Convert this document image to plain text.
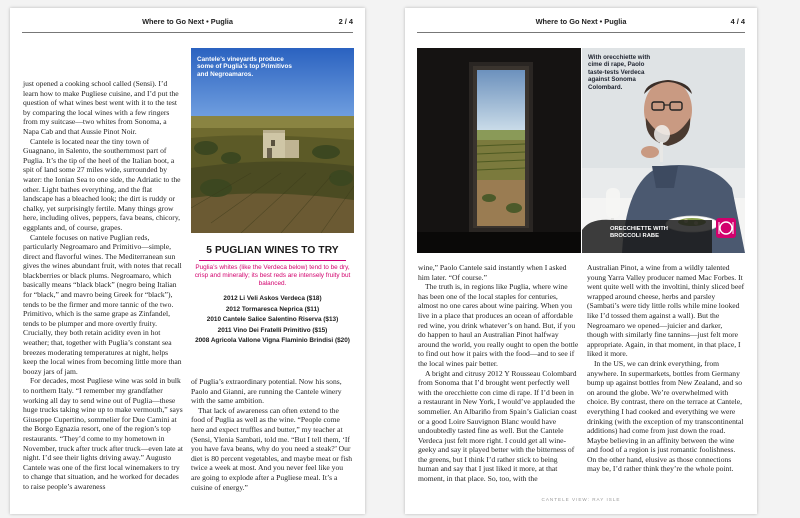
Where to Go Next • Puglia	2 / 4

just opened a cooking school called (Sensi). I’d learn how to make Pugliese cuisine, and I’d put the question of what wines best went with it to the test by comparing the local wines with a few ringers from my suitcase—two whites from Sonoma, a Napa Cab and that Aussie Pinot Noir.

Cantele is located near the tiny town of Guagnano, in Salento, the southernmost part of Puglia. It’s the tip of the heel of the Italian boot, a spit of land some 27 miles wide, surrounded by water: the Ionian Sea to one side, the Adriatic to the other. Light bathes everything, and the flat landscape has a bleached look; the dirt is ruddy or chalky, yet surprisingly fertile. Many things grow here, including olives, peppers, fava beans, chicory, eggplants and, of course, grapes.

Cantele focuses on native Puglian reds, particularly Negroamaro and Primitivo—simple, direct and flavorful wines. The Mediterranean sun gives the wines abundant fruit, with notes that recall blackberries or black plums. Negroamaro, which basically means “black black” (negro being Italian for “black,” and mavro being Greek for “black”), tends to be the firmer and more tannic of the two. Primitivo, which is the same grape as Zinfandel, tends to be plumper and more overtly fruity. Crucially, they both retain acidity even in hot weather; that, together with Puglia’s constant sea breezes moderating temperatures at night, helps keep the local wines from becoming little more than boozy jars of jam.

For decades, most Pugliese wine was sold in bulk to northern Italy. “I remember my grandfather working all day to send wine out of Puglia—these huge trucks taking wine up to make vermouth,” says Giuseppe Cupertino, sommelier for Due Camini at the Borgo Egnazia resort, one of the region’s top restaurants. “They’d come to my hometown in November, truck after truck after truck—even late at night. I’d see their lights driving away.” Augusto Cantele was one of the first local winemakers to try to change that situation, and he worked for decades to raise people’s awareness

Cantele’s vineyards produce some of Puglia’s top Primitivos and Negroamaros.
5 PUGLIAN WINES TO TRY
Puglia’s whites (like the Verdeca below) tend to be dry, crisp and minerally; its best reds are intensely fruity but balanced.
2012 Li Veli Askos Verdeca ($18)
2012 Tormaresca Neprica ($11)
2010 Cantele Salice Salentino Riserva ($13)
2011 Vino Dei Fratelli Primitivo ($15)
2008 Agricola Vallone Vigna Flaminio Brindisi ($20)

of Puglia’s extraordinary potential. Now his sons, Paolo and Gianni, are running the Cantele winery with the same ambition.

That lack of awareness can often extend to the food of Puglia as well as the wine. “People come here and expect truffles and butter,” my teacher at (Sensi, Ylenia Sambati, told me. “But I tell them, ‘If you have fava beans, why do you need a steak?’ Our diet is 80 percent vegetables, and maybe meat or fish twice a week at most. And you never feel like you are going to explode after a Pugliese meal. It’s a cuisine of energy.”

Where to Go Next • Puglia	4 / 4
With orecchiette with cime di rape, Paolo taste-tests Verdeca against Sonoma Colombard.
ORECCHIETTE WITH BROCCOLI RABE

wine,” Paolo Cantele said instantly when I asked him later. “Of course.”

The truth is, in regions like Puglia, where wine has been one of the local staples for centuries, almost no one cares about wine pairing. When you live in a place that produces an ocean of affordable red wine, you drink whatever’s on hand. But, if you do happen to haul an Australian Pinot halfway around the world, you really ought to open the bottle to find out how it pairs with the food—and to see if the local wines pair better.

A bright and citrusy 2012 Y Rousseau Colombard from Sonoma that I’d brought went perfectly well with the orecchiette con cime di rape. If I’d been in a restaurant in New York, I would’ve applauded the sommelier. An Albariño from Spain’s Galician coast or a good Loire Sauvignon Blanc would have undoubtedly tasted fine as well. But the Cantele Verdeca just felt more right. I could get all wine-geeky and say it played better with the bitterness of the greens, but I think I’d rather stick to being human and say that I just liked it more, at that moment, in that place. So, too, with the

Australian Pinot, a wine from a wildly talented young Yarra Valley producer named Mac Forbes. It went quite well with the involtini, thinly sliced beef wrapped around cheese, herbs and parsley (Sambati’s were tidy little rolls while mine looked like I’d tossed them against a wall). But the Negroamaro we opened—juicier and darker, though with similarly fine tannins—just felt more appropriate. Again, in that moment, in that place, I liked it more.

In the US, we can drink everything, from anywhere. In supermarkets, bottles from Germany bump up against bottles from New Zealand, and so on around the globe. We’re overwhelmed with choice. By contrast, there on the terrace at Cantele, everything I had cooked and everything we were drinking (with the exception of my transcontinental additions) had come from just down the road. Maybe believing in an affinity between the wine and food of a region is just romantic foolishness. On the other hand, elusive as those connections may be, I’d rather think they’re the whole point.

CANTELE VIEW: RAY ISLE
